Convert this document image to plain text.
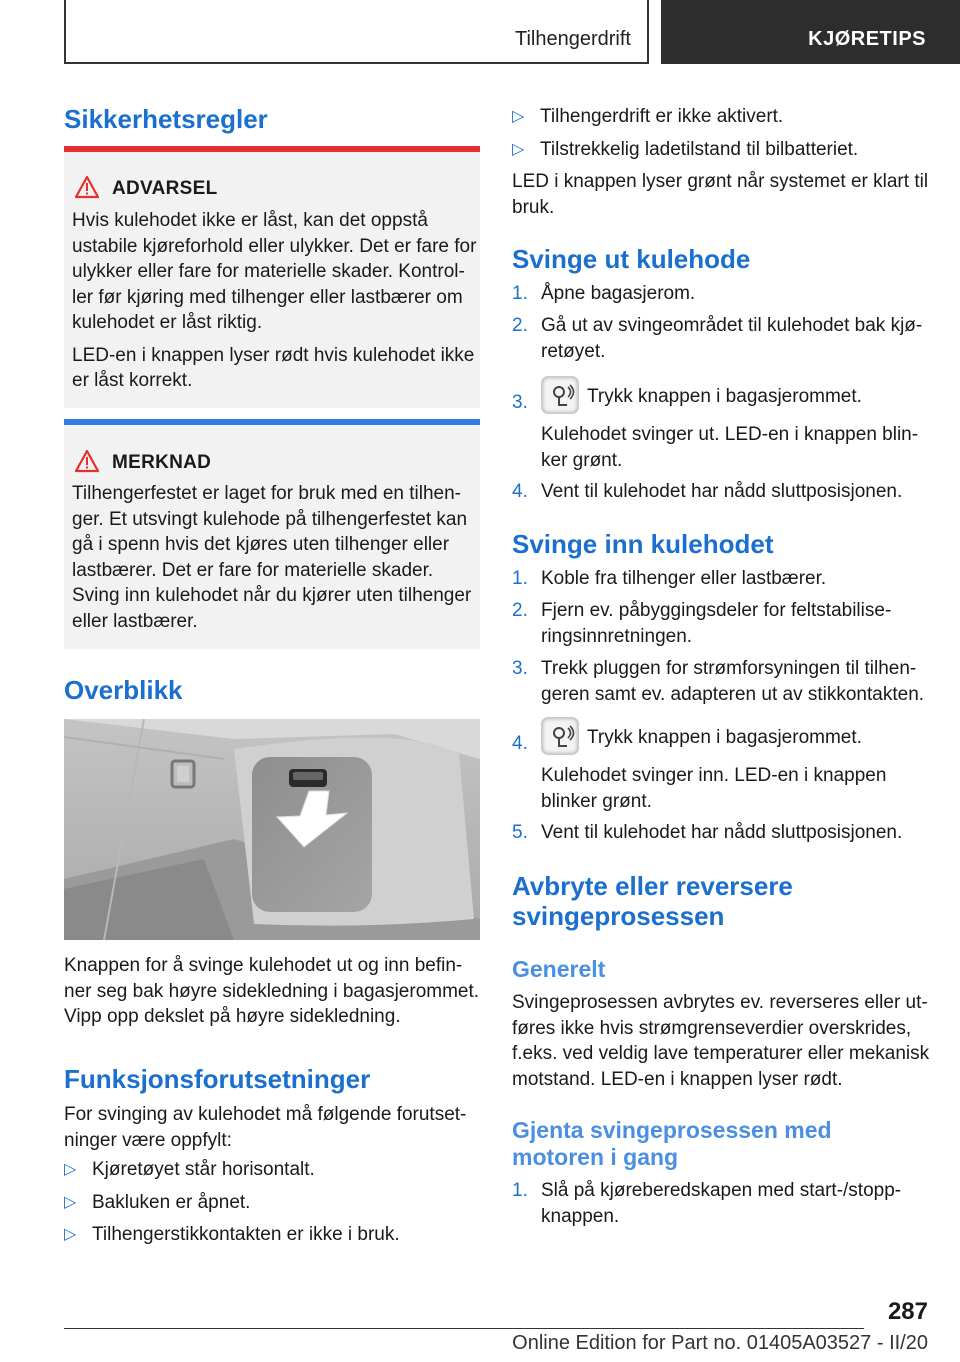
Tilhengerdrift	KJØRETIPS
Sikkerhetsregler
ADVARSEL

Hvis kulehodet ikke er låst, kan det oppstå ustabile kjøreforhold eller ulykker. Det er fare for ulykker eller fare for materielle skader. Kontrol-ler før kjøring med tilhenger eller lastbærer om kulehodet er låst riktig.

LED-en i knappen lyser rødt hvis kulehodet ikke er låst korrekt.

MERKNAD

Tilhengerfestet er laget for bruk med en tilhen-ger. Et utsvingt kulehode på tilhengerfestet kan gå i spenn hvis det kjøres uten tilhenger eller lastbærer. Det er fare for materielle skader. Sving inn kulehodet når du kjører uten tilhenger eller lastbærer.

Overblikk
Knappen for å svinge kulehodet ut og inn befin-ner seg bak høyre sidekledning i bagasjerommet. Vipp opp dekslet på høyre sidekledning.
Funksjonsforutsetninger
For svinging av kulehodet må følgende forutset-ninger være oppfylt:
▷ Kjøretøyet står horisontalt.
▷ Bakluken er åpnet.
▷ Tilhengerstikkontakten er ikke i bruk.
▷ Tilhengerdrift er ikke aktivert.
▷ Tilstrekkelig ladetilstand til bilbatteriet.
LED i knappen lyser grønt når systemet er klart til bruk.
Svinge ut kulehode
1. Åpne bagasjerom.
2. Gå ut av svingeområdet til kulehodet bak kjø-retøyet.
3.	Trykk knappen i bagasjerommet.
Kulehodet svinger ut. LED-en i knappen blin-ker grønt.
4. Vent til kulehodet har nådd sluttposisjonen.
Svinge inn kulehodet
1. Koble fra tilhenger eller lastbærer.
2. Fjern ev. påbyggingsdeler for feltstabilise-ringsinnretningen.
3. Trekk pluggen for strømforsyningen til tilhen-geren samt ev. adapteren ut av stikkontakten.
4.	Trykk knappen i bagasjerommet.
Kulehodet svinger inn. LED-en i knappen blinker grønt.
5. Vent til kulehodet har nådd sluttposisjonen.
Avbryte eller reversere
svingeprosessen
Generelt
Svingeprosessen avbrytes ev. reverseres eller ut-føres ikke hvis strømgrenseverdier overskrides, f.eks. ved veldig lave temperaturer eller mekanisk motstand. LED-en i knappen lyser rødt.
Gjenta svingeprosessen med
motoren i gang
1. Slå på kjøreberedskapen med start-/stopp-knappen.
287
Online Edition for Part no. 01405A03527 - II/20
